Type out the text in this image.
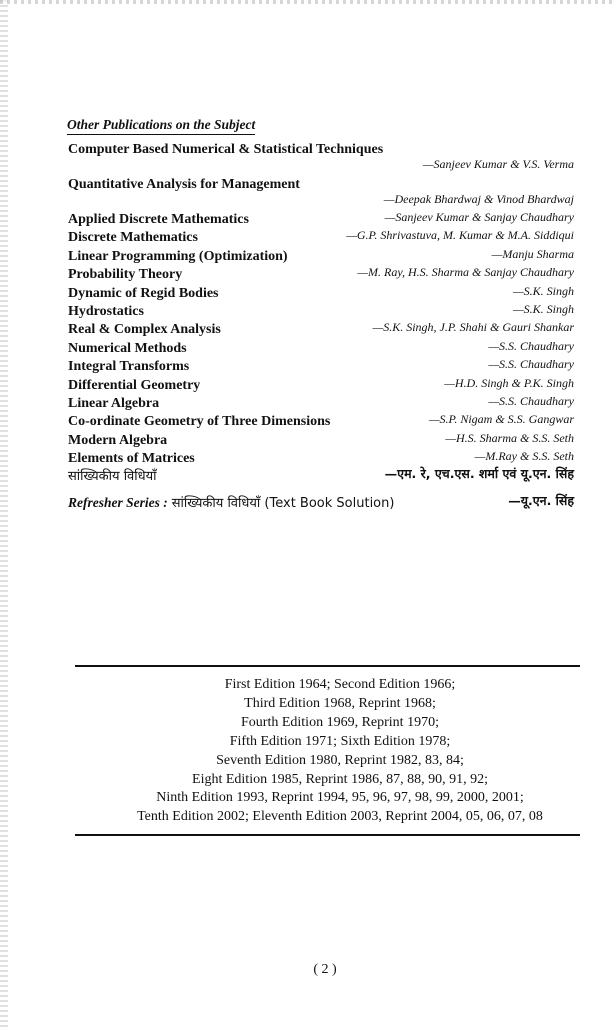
Other Publications on the Subject
Computer Based Numerical & Statistical Techniques
—Sanjeev Kumar & V.S. Verma
Quantitative Analysis for Management
—Deepak Bhardwaj & Vinod Bhardwaj
Applied Discrete Mathematics	—Sanjeev Kumar & Sanjay Chaudhary
Discrete Mathematics	—G.P. Shrivastuva, M. Kumar & M.A. Siddiqui
Linear Programming (Optimization)	—Manju Sharma
Probability Theory	—M. Ray, H.S. Sharma & Sanjay Chaudhary
Dynamic of Regid Bodies	—S.K. Singh
Hydrostatics	—S.K. Singh
Real & Complex Analysis	—S.K. Singh, J.P. Shahi & Gauri Shankar
Numerical Methods	—S.S. Chaudhary
Integral Transforms	—S.S. Chaudhary
Differential Geometry	—H.D. Singh & P.K. Singh
Linear Algebra	—S.S. Chaudhary
Co-ordinate Geometry of Three Dimensions	—S.P. Nigam & S.S. Gangwar
Modern Algebra	—H.S. Sharma & S.S. Seth
Elements of Matrices	—M.Ray & S.S. Seth
सांख्यिकीय विधियाँ	—एम. रे, एच.एस. शर्मा एवं यू.एन. सिंह
Refresher Series : सांख्यिकीय विधियाँ (Text Book Solution)	—यू.एन. सिंह
First Edition 1964; Second Edition 1966;
Third Edition 1968, Reprint 1968;
Fourth Edition 1969, Reprint 1970;
Fifth Edition 1971; Sixth Edition 1978;
Seventh Edition 1980, Reprint 1982, 83, 84;
Eight Edition 1985, Reprint 1986, 87, 88, 90, 91, 92;
Ninth Edition 1993, Reprint 1994, 95, 96, 97, 98, 99, 2000, 2001;
Tenth Edition 2002; Eleventh Edition 2003, Reprint 2004, 05, 06, 07, 08
( 2 )
